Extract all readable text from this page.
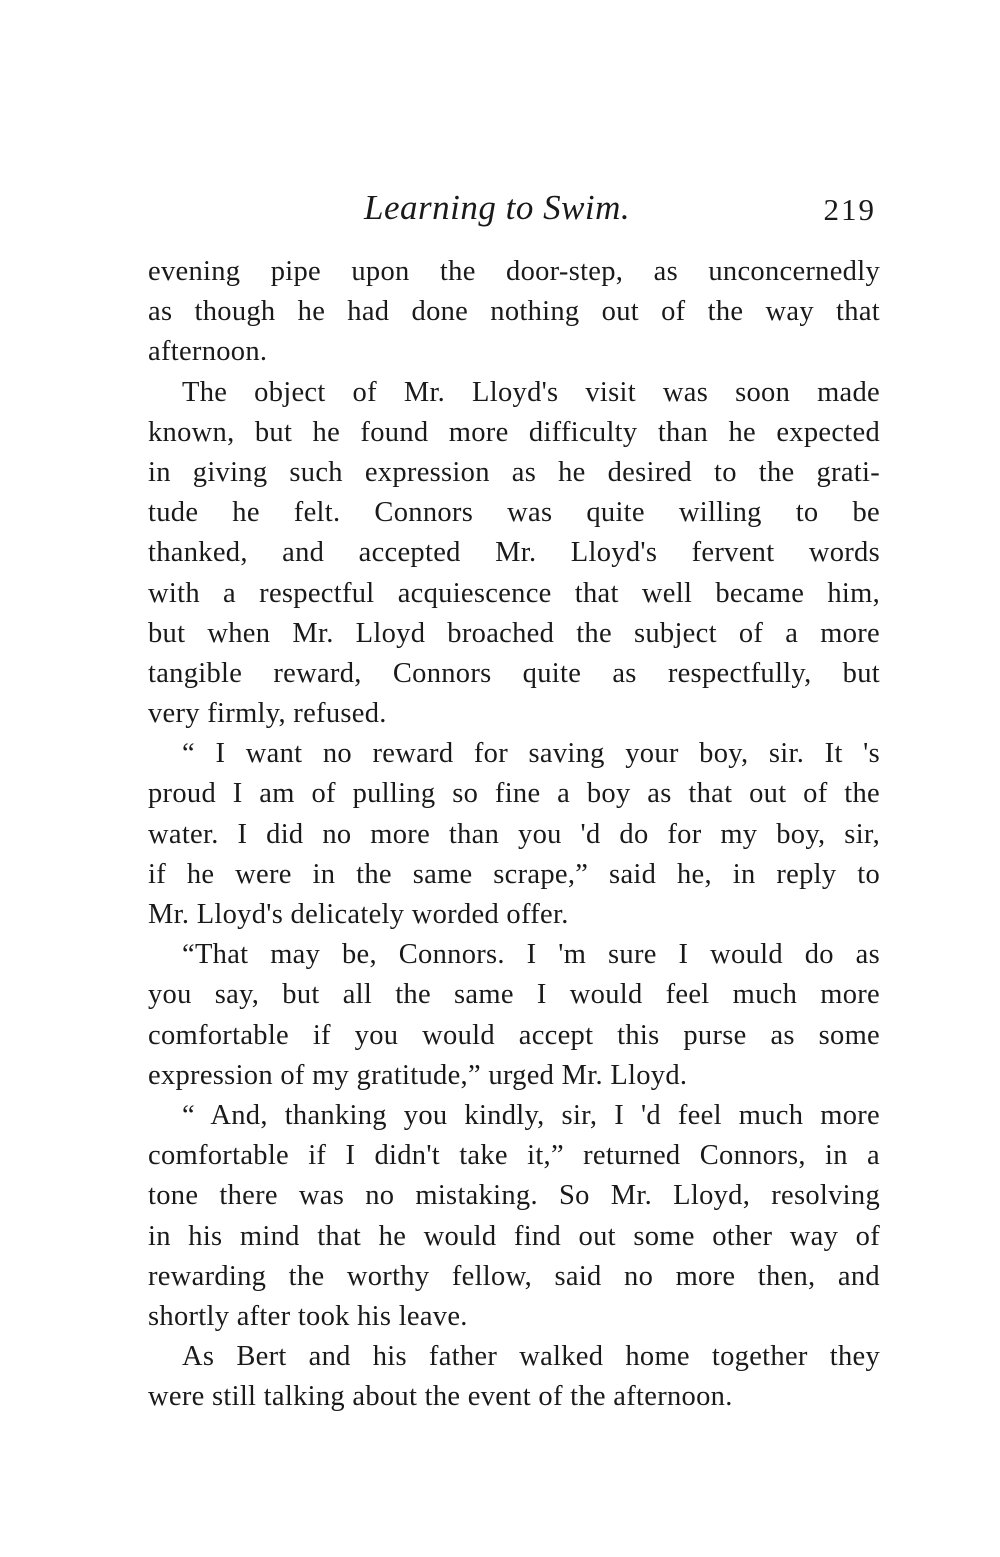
Learning to Swim.	219
evening pipe upon the door-step, as unconcernedly
as though he had done nothing out of the way that
afternoon.
The object of Mr. Lloyd's visit was soon made
known, but he found more difficulty than he expected
in giving such expression as he desired to the grati-
tude he felt. Connors was quite willing to be
thanked, and accepted Mr. Lloyd's fervent words
with a respectful acquiescence that well became him,
but when Mr. Lloyd broached the subject of a more
tangible reward, Connors quite as respectfully, but
very firmly, refused.
“ I want no reward for saving your boy, sir. It 's
proud I am of pulling so fine a boy as that out of the
water. I did no more than you 'd do for my boy, sir,
if he were in the same scrape,” said he, in reply to
Mr. Lloyd's delicately worded offer.
“That may be, Connors. I 'm sure I would do as
you say, but all the same I would feel much more
comfortable if you would accept this purse as some
expression of my gratitude,” urged Mr. Lloyd.
“ And, thanking you kindly, sir, I 'd feel much more
comfortable if I didn't take it,” returned Connors, in a
tone there was no mistaking. So Mr. Lloyd, resolving
in his mind that he would find out some other way of
rewarding the worthy fellow, said no more then, and
shortly after took his leave.
As Bert and his father walked home together they
were still talking about the event of the afternoon.
